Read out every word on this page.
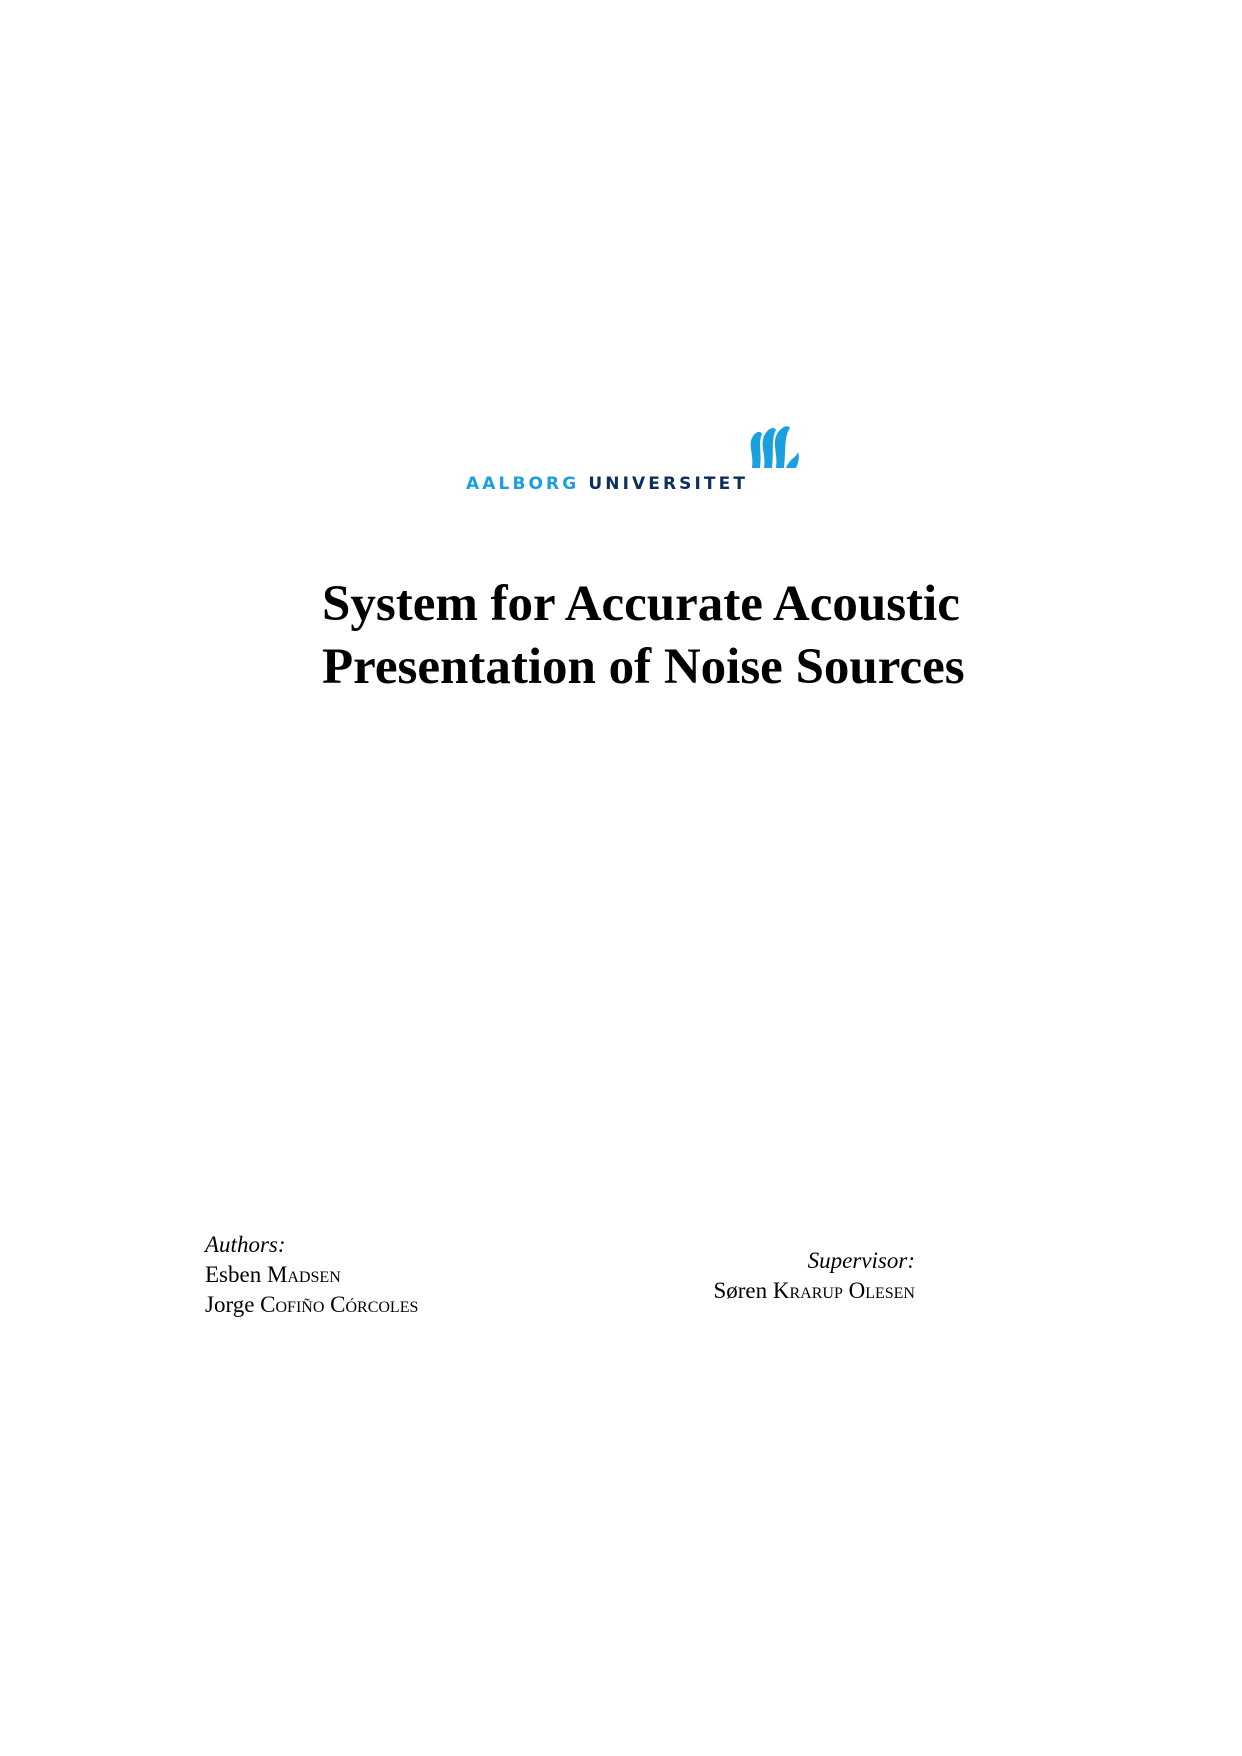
AALBORG UNIVERSITET
System for Accurate Acoustic
Presentation of Noise Sources
Authors:
Esben Madsen
Jorge Cofiño Córcoles
Supervisor:
Søren Krarup Olesen
